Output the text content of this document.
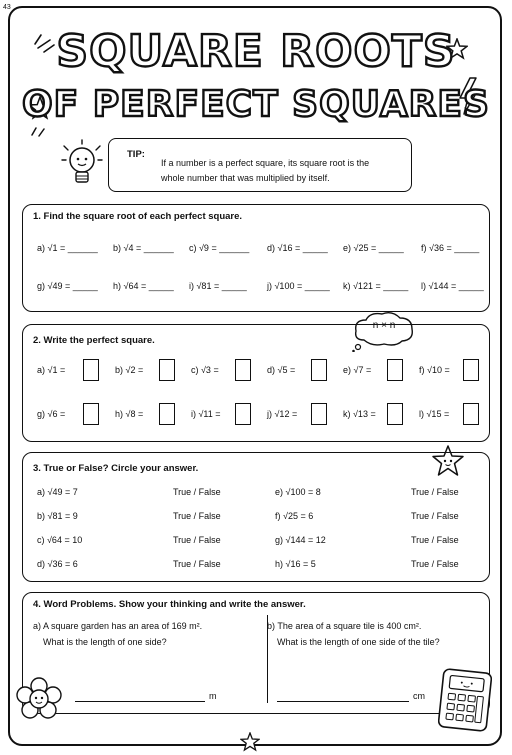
43
SQUARE ROOTS
OF PERFECT SQUARES
TIP:
If a number is a perfect square, its square root is the
whole number that was multiplied by itself.
1. Find the square root of each perfect square.
a) √1 = ______ b) √4 = ______ c) √9 = ______ d) √16 = _____ e) √25 = _____ f) √36 = _____
g) √49 = _____ h) √64 = _____ i) √81 = _____ j) √100 = _____ k) √121 = _____ l) √144 = _____
n × n
2. Write the perfect square.
a) √1 =	b) √2 =	c) √3 =	d) √5 =	e) √7 =	f) √10 =
g) √6 =	h) √8 =	i) √11 =	j) √12 =	k) √13 =	l) √15 =
3. True or False? Circle your answer.
a) √49 = 7	True / False
b) √81 = 9	True / False
c) √64 = 10	True / False
d) √36 = 6	True / False
e) √100 = 8	True / False
f) √25 = 6	True / False
g) √144 = 12	True / False
h) √16 = 5	True / False
4. Word Problems. Show your thinking and write the answer.
a) A square garden has an area of 169 m².
What is the length of one side?
m
b) The area of a square tile is 400 cm².
What is the length of one side of the tile?
cm
